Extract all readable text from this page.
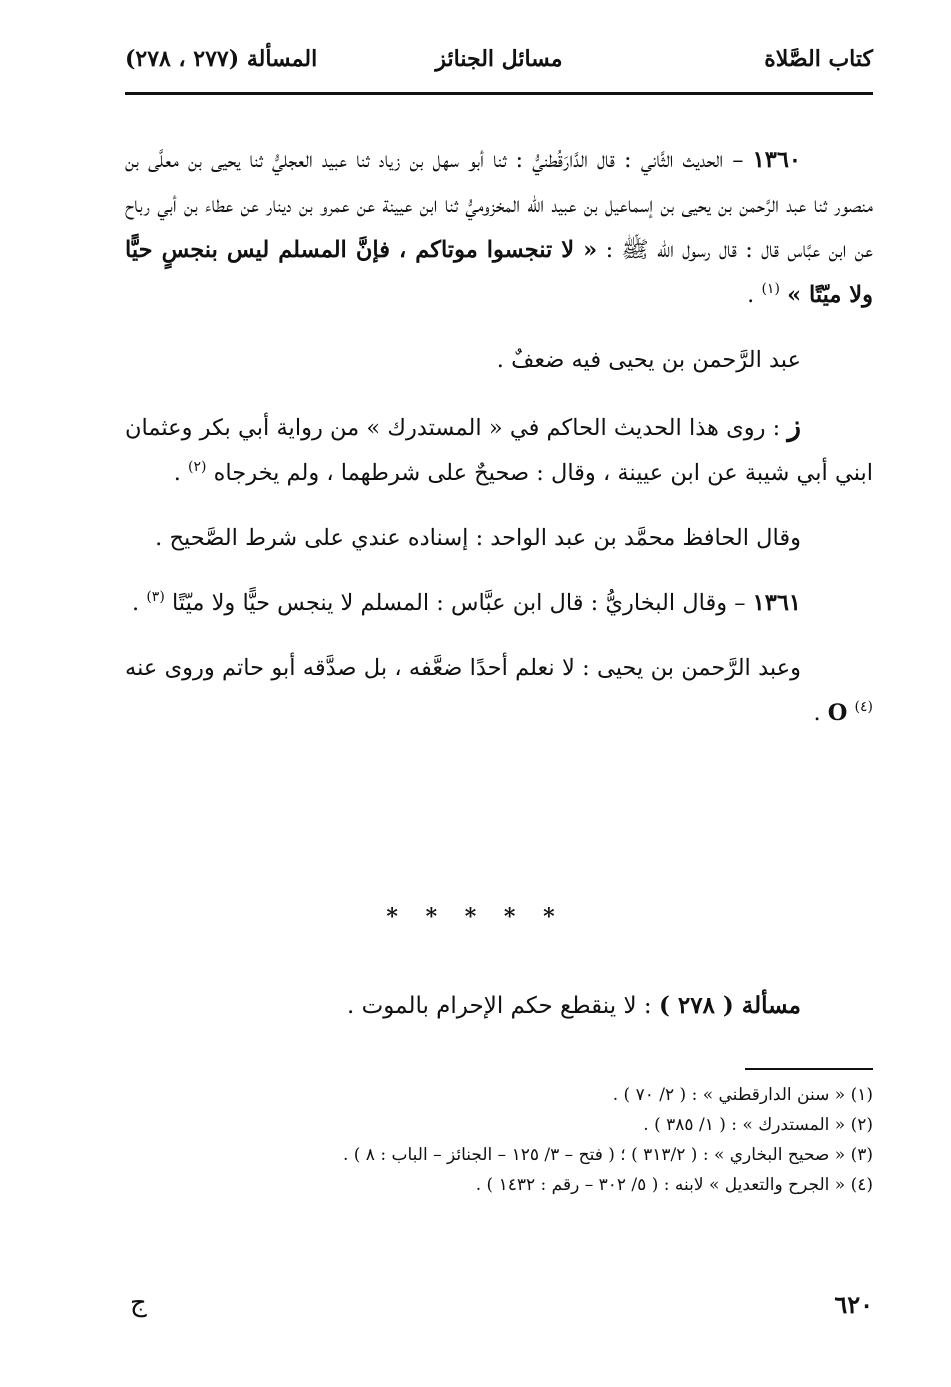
كتاب الصَّلاة
مسائل الجنائز
المسألة (٢٧٧ ، ٢٧٨)

١٣٦٠ – الحديث الثَّاني : قال الدَّارَقُطنيُّ : ثنا أبو سهل بن زياد ثنا عبيد العجليُّ ثنا يحيى بن معلَّى بن منصور ثنا عبد الرَّحمن بن يحيى بن إسماعيل بن عبيد الله المخزوميُّ ثنا ابن عيينة عن عمرو بن دينار عن عطاء بن أبي رباح عن ابن عبَّاس قال : قال رسول الله ﷺ : « لا تنجسوا موتاكم ، فإنَّ المسلم ليس بنجسٍ حيًّا ولا ميّتًا » $^{(١)}$ .

عبد الرَّحمن بن يحيى فيه ضعفٌ .

ز : روى هذا الحديث الحاكم في « المستدرك » من رواية أبي بكر وعثمان ابني أبي شيبة عن ابن عيينة ، وقال : صحيحٌ على شرطهما ، ولم يخرجاه $^{(٢)}$ .

وقال الحافظ محمَّد بن عبد الواحد : إسناده عندي على شرط الصَّحيح .

١٣٦١ – وقال البخاريُّ : قال ابن عبَّاس : المسلم لا ينجس حيًّا ولا ميّتًا $^{(٣)}$ .

وعبد الرَّحمن بن يحيى : لا نعلم أحدًا ضعَّفه ، بل صدَّقه أبو حاتم وروى عنه $^{(٤)}$ O .

* * * * *
مسألة ( ٢٧٨ ) : لا ينقطع حكم الإحرام بالموت .
(١) « سنن الدارقطني » : ( ٢/ ٧٠ ) .
(٢) « المستدرك » : ( ١/ ٣٨٥ ) .
(٣) « صحيح البخاري » : ( ٣١٣/٢ ) ؛ ( فتح – ٣/ ١٢٥ – الجنائز – الباب : ٨ ) .
(٤) « الجرح والتعديل » لابنه : ( ٥/ ٣٠٢ – رقم : ١٤٣٢ ) .
٦٢٠
ج
